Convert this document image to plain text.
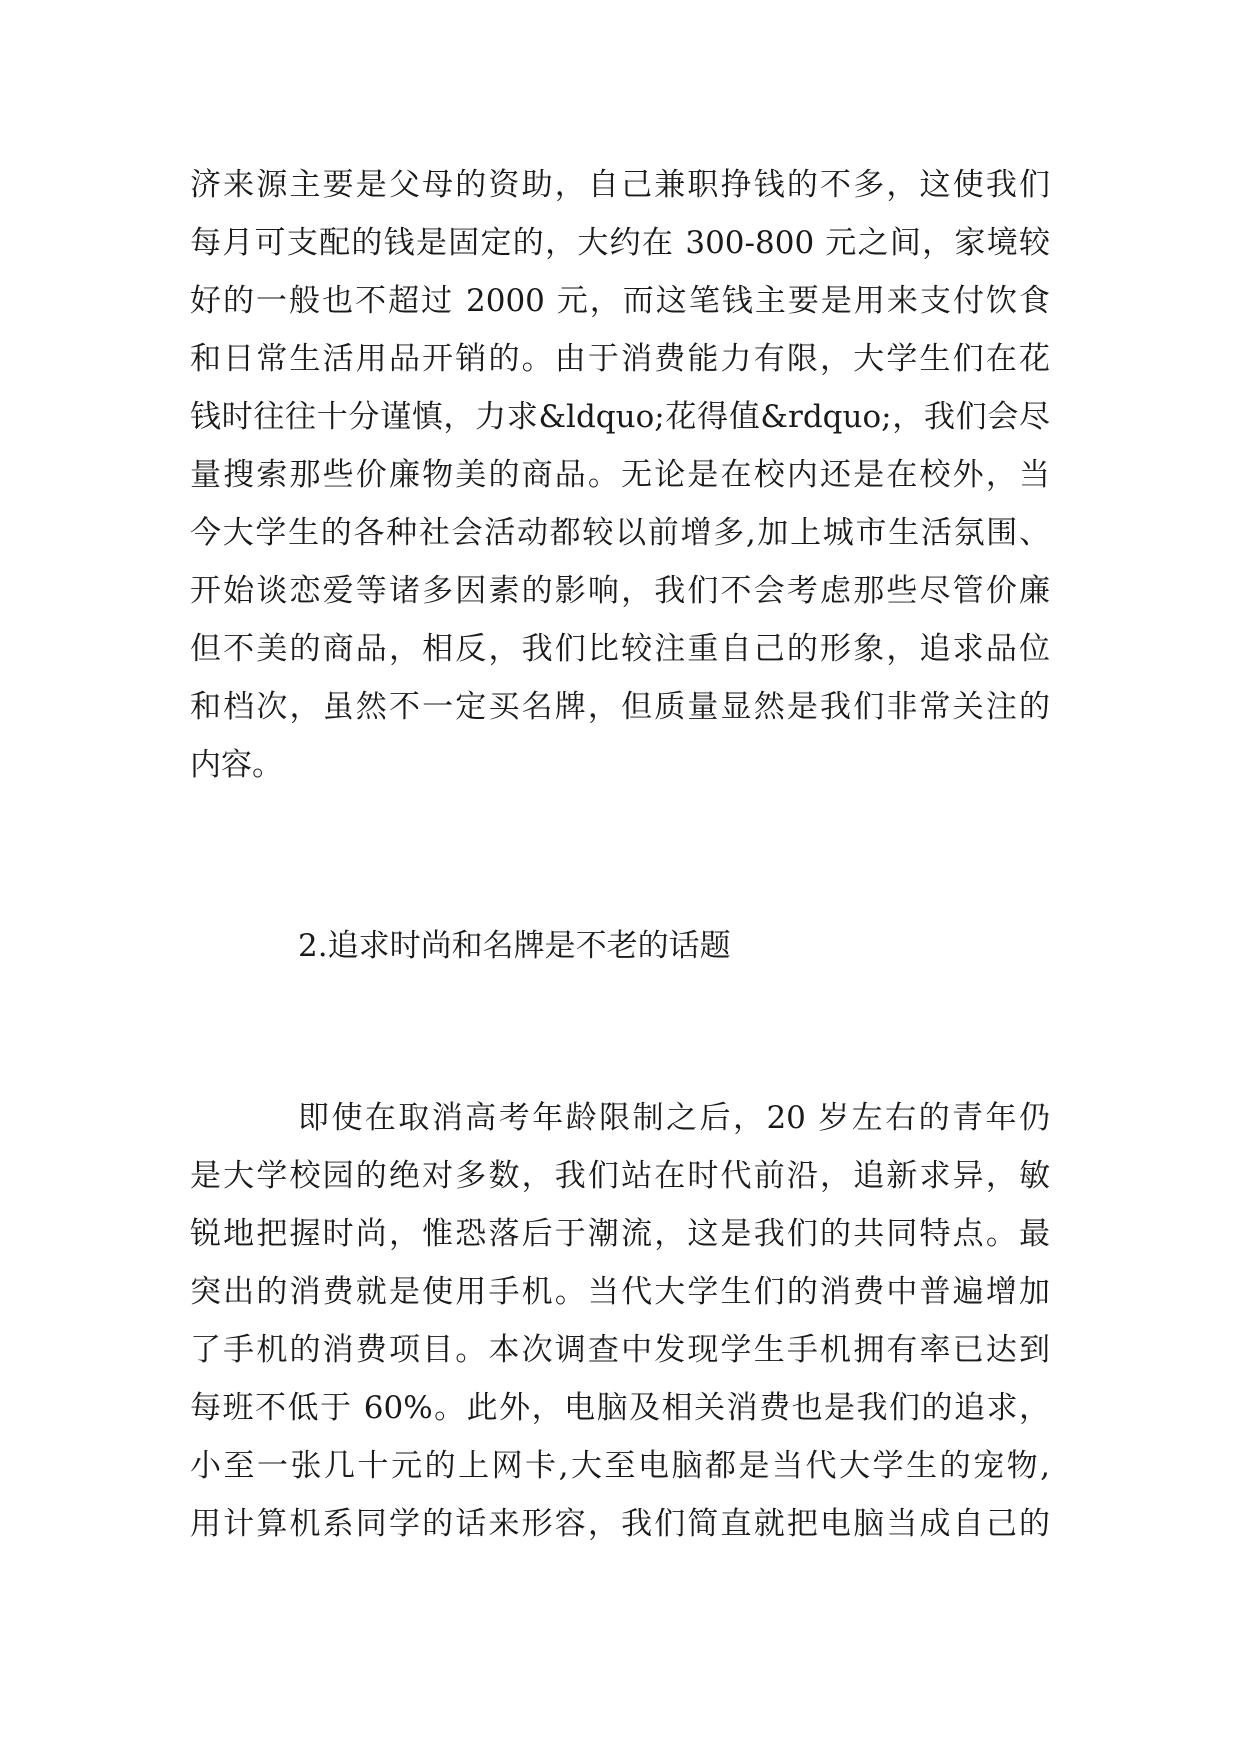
济来源主要是父母的资助，自己兼职挣钱的不多，这使我们
每月可支配的钱是固定的，大约在 300-800 元之间，家境较
好的一般也不超过 2000 元，而这笔钱主要是用来支付饮食
和日常生活用品开销的。由于消费能力有限，大学生们在花
钱时往往十分谨慎，力求&ldquo;花得值&rdquo;，我们会尽
量搜索那些价廉物美的商品。无论是在校内还是在校外，当
今大学生的各种社会活动都较以前增多,加上城市生活氛围、
开始谈恋爱等诸多因素的影响，我们不会考虑那些尽管价廉
但不美的商品，相反，我们比较注重自己的形象，追求品位
和档次，虽然不一定买名牌，但质量显然是我们非常关注的
内容。
2.追求时尚和名牌是不老的话题
即使在取消高考年龄限制之后，20 岁左右的青年仍
是大学校园的绝对多数，我们站在时代前沿，追新求异，敏
锐地把握时尚，惟恐落后于潮流，这是我们的共同特点。最
突出的消费就是使用手机。当代大学生们的消费中普遍增加
了手机的消费项目。本次调查中发现学生手机拥有率已达到
每班不低于 60%。此外，电脑及相关消费也是我们的追求，
小至一张几十元的上网卡,大至电脑都是当代大学生的宠物,
用计算机系同学的话来形容，我们简直就把电脑当成自己的
